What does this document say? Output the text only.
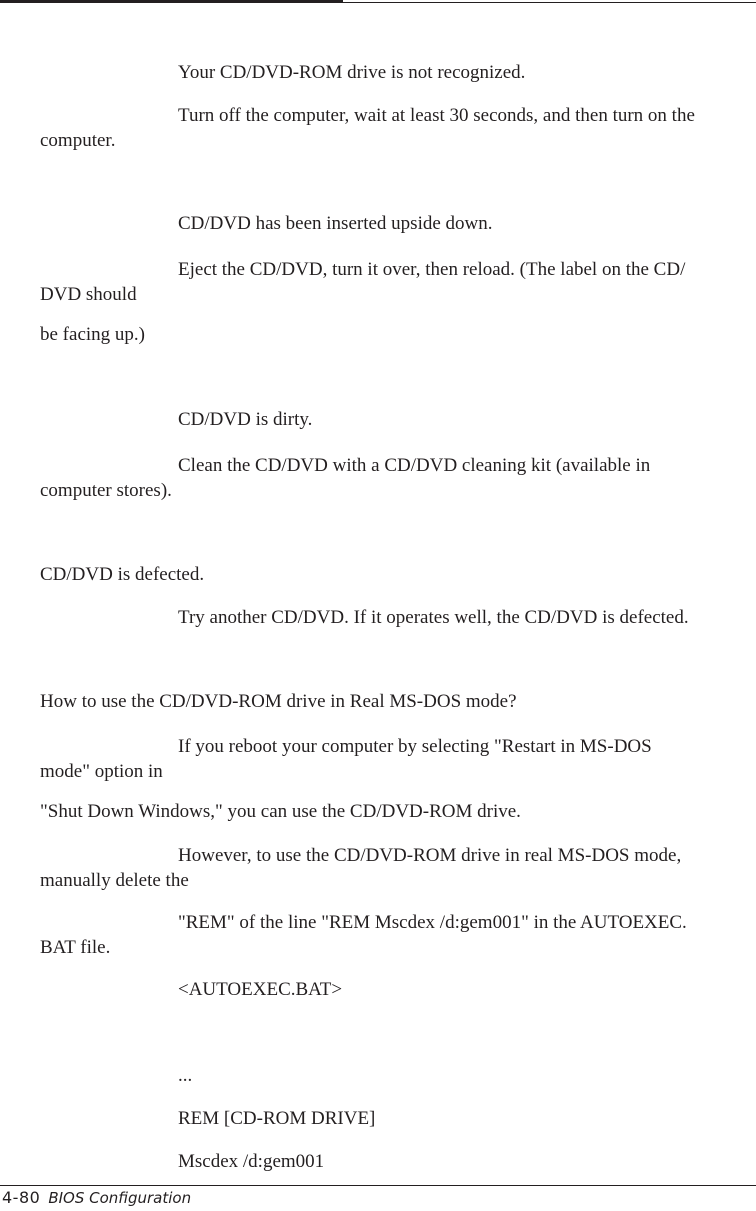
Your CD/DVD-ROM drive is not recognized.
Turn off the computer, wait at least 30 seconds, and then turn on the
computer.
CD/DVD has been inserted upside down.
Eject the CD/DVD, turn it over, then reload. (The label on the CD/
DVD should
be facing up.)
CD/DVD is dirty.
Clean the CD/DVD with a CD/DVD cleaning kit (available in
computer stores).
CD/DVD is defected.
Try another CD/DVD. If it operates well, the CD/DVD is defected.
How to use the CD/DVD-ROM drive in Real MS-DOS mode?
If you reboot your computer by selecting "Restart in MS-DOS
mode" option in
"Shut Down Windows," you can use the CD/DVD-ROM drive.
However, to use the CD/DVD-ROM drive in real MS-DOS mode,
manually delete the
"REM" of the line "REM Mscdex /d:gem001" in the AUTOEXEC.
BAT file.
<AUTOEXEC.BAT>
...
REM [CD-ROM DRIVE]
Mscdex /d:gem001
4-80 BIOS Configuration
